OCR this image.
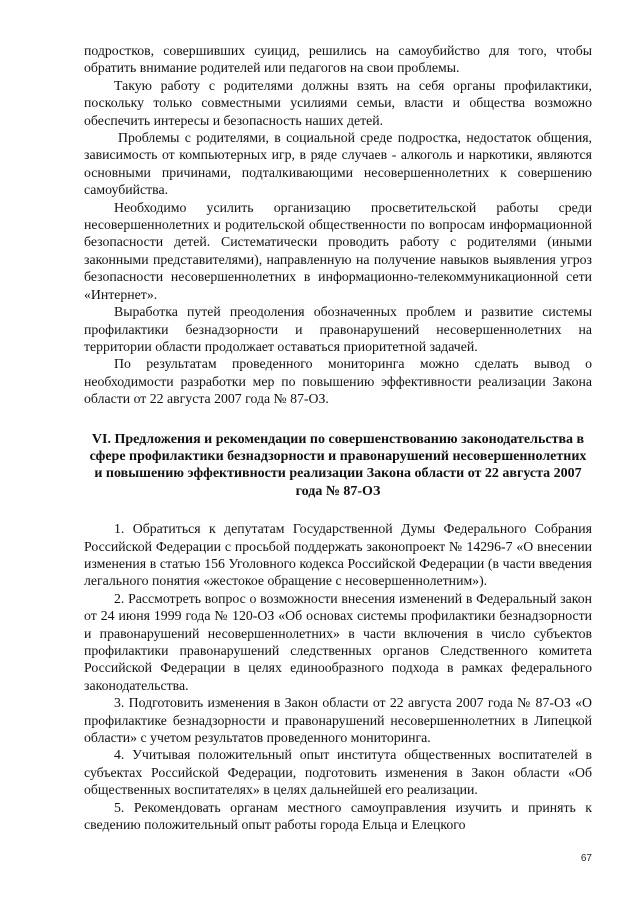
подростков, совершивших суицид, решились на самоубийство для того, чтобы обратить внимание родителей или педагогов на свои проблемы.

Такую работу с родителями должны взять на себя органы профилактики, поскольку только совместными усилиями семьи, власти и общества возможно обеспечить интересы и безопасность наших детей.

Проблемы с родителями, в социальной среде подростка, недостаток общения, зависимость от компьютерных игр, в ряде случаев - алкоголь и наркотики, являются основными причинами, подталкивающими несовершеннолетних к совершению самоубийства.

Необходимо усилить организацию просветительской работы среди несовершеннолетних и родительской общественности по вопросам информационной безопасности детей. Систематически проводить работу с родителями (иными законными представителями), направленную на получение навыков выявления угроз безопасности несовершеннолетних в информационно-телекоммуникационной сети «Интернет».

Выработка путей преодоления обозначенных проблем и развитие системы профилактики безнадзорности и правонарушений несовершеннолетних на территории области продолжает оставаться приоритетной задачей.

По результатам проведенного мониторинга можно сделать вывод о необходимости разработки мер по повышению эффективности реализации Закона области от 22 августа 2007 года № 87-ОЗ.

VI. Предложения и рекомендации по совершенствованию законодательства в сфере профилактики безнадзорности и правонарушений несовершеннолетних и повышению эффективности реализации Закона области от 22 августа 2007 года № 87-ОЗ

1. Обратиться к депутатам Государственной Думы Федерального Собрания Российской Федерации с просьбой поддержать законопроект № 14296-7 «О внесении изменения в статью 156 Уголовного кодекса Российской Федерации (в части введения легального понятия «жестокое обращение с несовершеннолетним»).

2. Рассмотреть вопрос о возможности внесения изменений в Федеральный закон от 24 июня 1999 года № 120-ОЗ «Об основах системы профилактики безнадзорности и правонарушений несовершеннолетних» в части включения в число субъектов профилактики правонарушений следственных органов Следственного комитета Российской Федерации в целях единообразного подхода в рамках федерального законодательства.

3. Подготовить изменения в Закон области от 22 августа 2007 года № 87-ОЗ «О профилактике безнадзорности и правонарушений несовершеннолетних в Липецкой области» с учетом результатов проведенного мониторинга.

4. Учитывая положительный опыт института общественных воспитателей в субъектах Российской Федерации, подготовить изменения в Закон области «Об общественных воспитателях» в целях дальнейшей его реализации.

5. Рекомендовать органам местного самоуправления изучить и принять к сведению положительный опыт работы города Ельца и Елецкого

67
